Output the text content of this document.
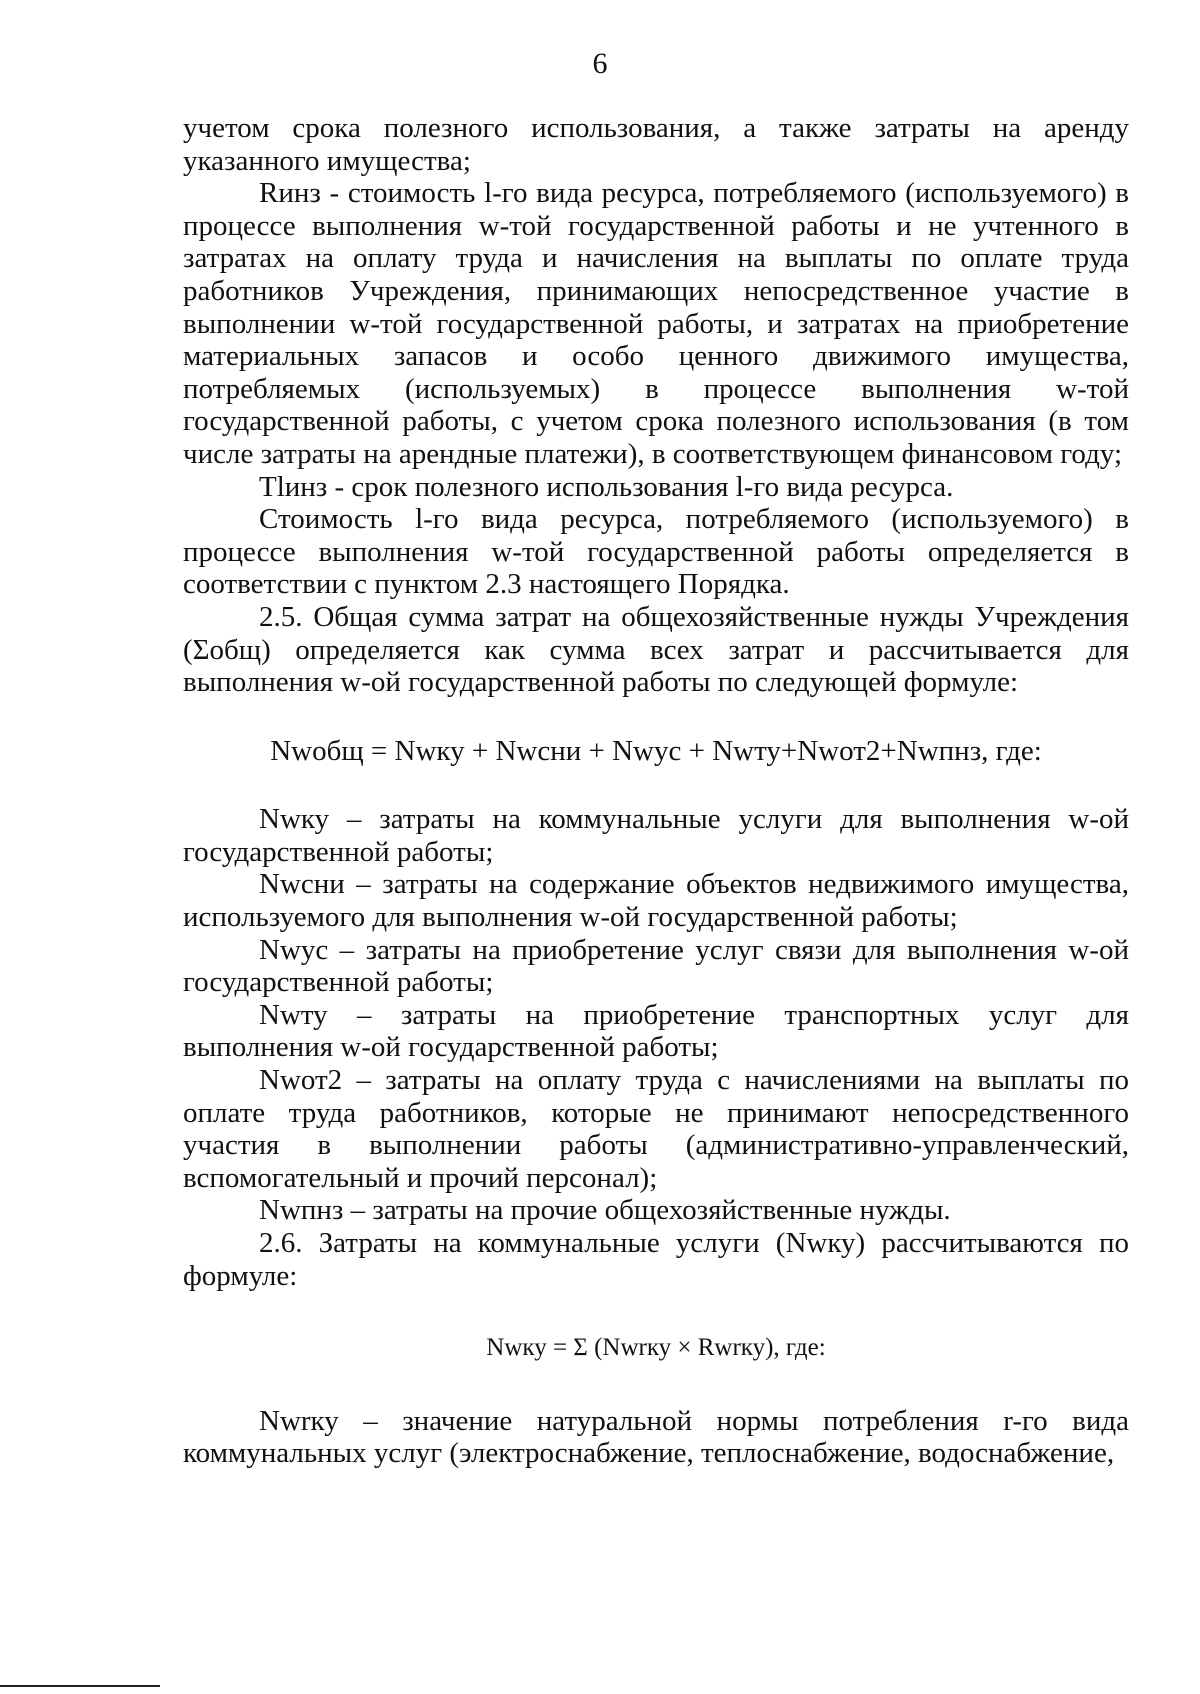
6

учетом срока полезного использования, а также затраты на аренду указанного имущества;

Rинз - стоимость l-го вида ресурса, потребляемого (используемого) в процессе выполнения w-той государственной работы и не учтенного в затратах на оплату труда и начисления на выплаты по оплате труда работников Учреждения, принимающих непосредственное участие в выполнении w-той государственной работы, и затратах на приобретение материальных запасов и особо ценного движимого имущества, потребляемых (используемых) в процессе выполнения w-той государственной работы, с учетом срока полезного использования (в том числе затраты на арендные платежи), в соответствующем финансовом году;

Tlинз - срок полезного использования l-го вида ресурса.

Стоимость l-го вида ресурса, потребляемого (используемого) в процессе выполнения w-той государственной работы определяется в соответствии с пунктом 2.3 настоящего Порядка.

2.5. Общая сумма затрат на общехозяйственные нужды Учреждения (Σобщ) определяется как сумма всех затрат и рассчитывается для выполнения w-ой государственной работы по следующей формуле:

Nwобщ = Nwку + Nwсни + Nwус + Nwту+Nwот2+Nwпнз, где:

Nwку – затраты на коммунальные услуги для выполнения w-ой государственной работы;

Nwсни – затраты на содержание объектов недвижимого имущества, используемого для выполнения w-ой государственной работы;

Nwус – затраты на приобретение услуг связи для выполнения w-ой государственной работы;

Nwту – затраты на приобретение транспортных услуг для выполнения w-ой государственной работы;

Nwот2 – затраты на оплату труда с начислениями на выплаты по оплате труда работников, которые не принимают непосредственного участия в выполнении работы (административно-управленческий, вспомогательный и прочий персонал);

Nwпнз – затраты на прочие общехозяйственные нужды.

2.6. Затраты на коммунальные услуги (Nwку) рассчитываются по формуле:

Nwку = Σ (Nwrку × Rwrку), где:

Nwrку – значение натуральной нормы потребления r-го вида коммунальных услуг (электроснабжение, теплоснабжение, водоснабжение,
